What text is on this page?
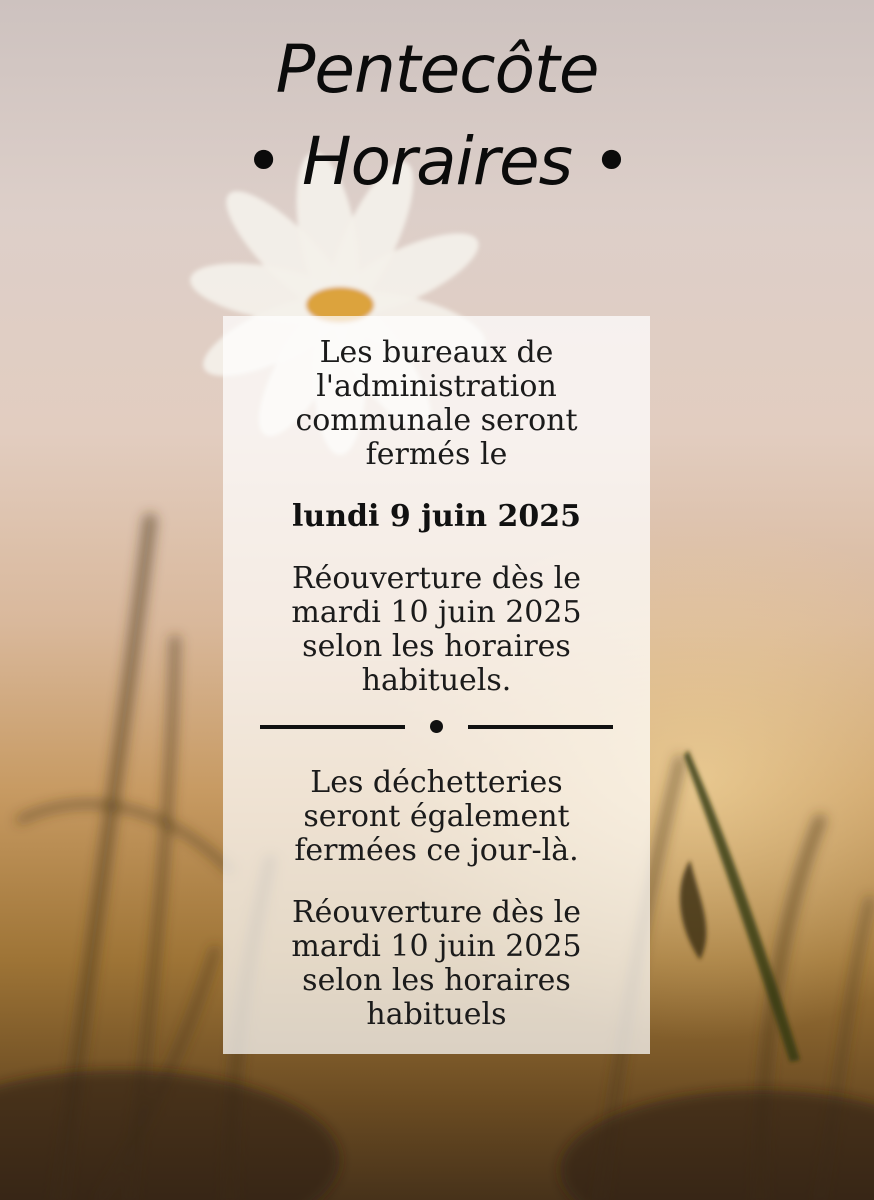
Pentecôte
• Horaires •
Les bureaux de
l'administration
communale seront
fermés le
lundi 9 juin 2025
Réouverture dès le
mardi 10 juin 2025
selon les horaires
habituels.
Les déchetteries
seront également
fermées ce jour-là.
Réouverture dès le
mardi 10 juin 2025
selon les horaires
habituels
